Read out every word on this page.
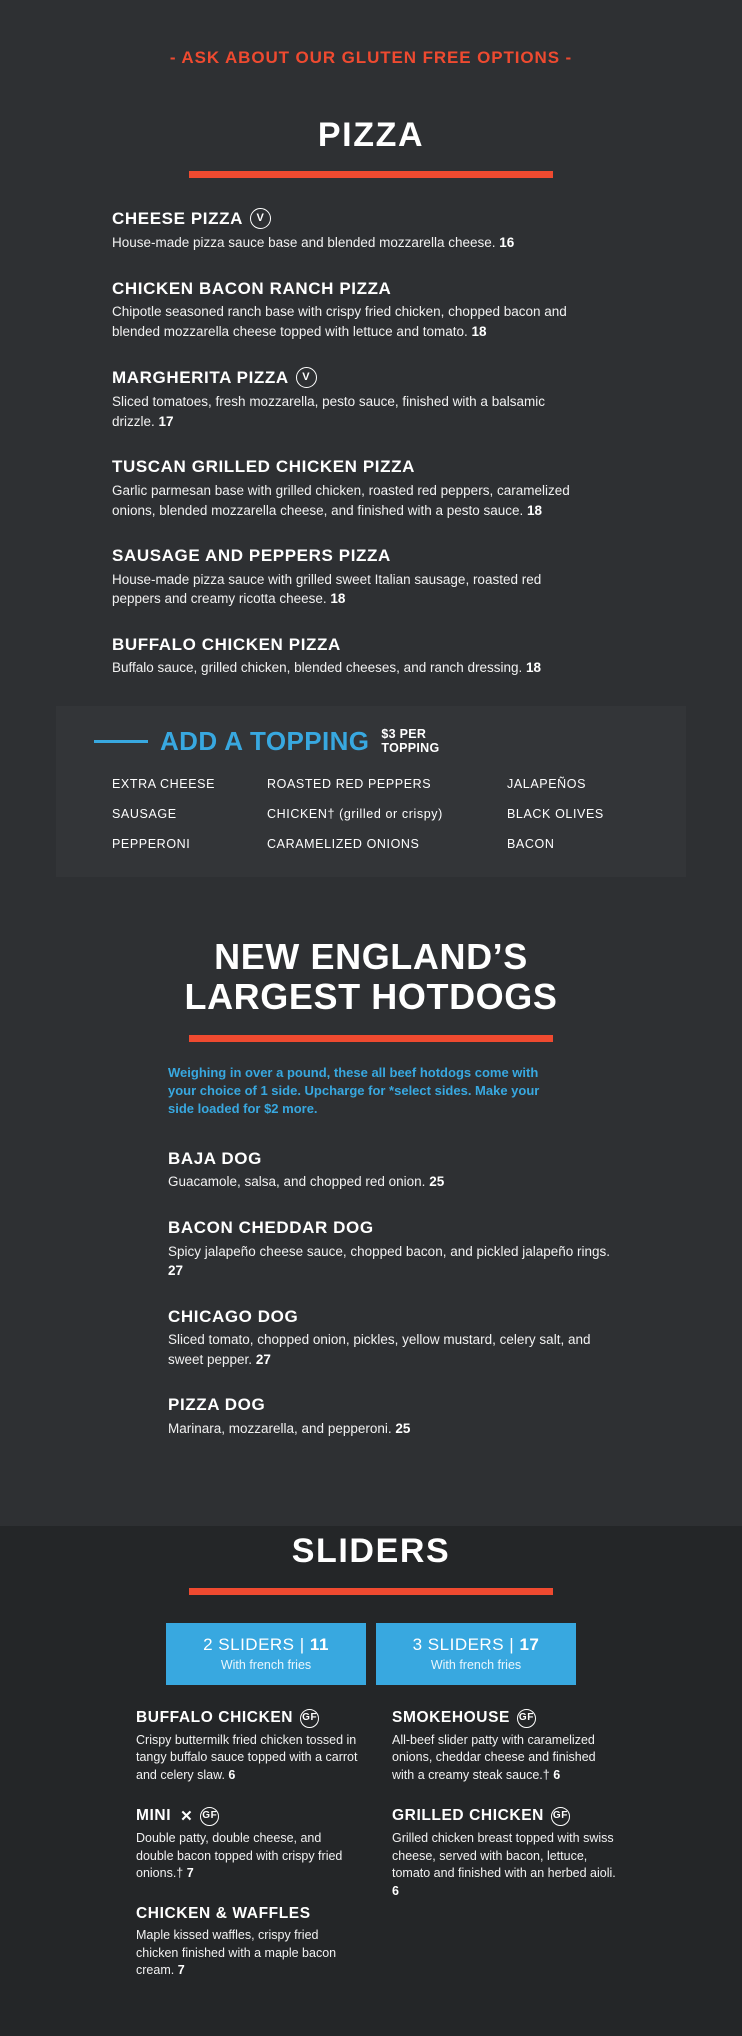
- ASK ABOUT OUR GLUTEN FREE OPTIONS -
PIZZA
CHEESE PIZZA	V
House-made pizza sauce base and blended mozzarella cheese. 16
CHICKEN BACON RANCH PIZZA
Chipotle seasoned ranch base with crispy fried chicken, chopped bacon and blended mozzarella cheese topped with lettuce and tomato. 18
MARGHERITA PIZZA	V
Sliced tomatoes, fresh mozzarella, pesto sauce, finished with a balsamic drizzle. 17
TUSCAN GRILLED CHICKEN PIZZA
Garlic parmesan base with grilled chicken, roasted red peppers, caramelized onions, blended mozzarella cheese, and finished with a pesto sauce. 18
SAUSAGE AND PEPPERS PIZZA
House-made pizza sauce with grilled sweet Italian sausage, roasted red peppers and creamy ricotta cheese. 18
BUFFALO CHICKEN PIZZA
Buffalo sauce, grilled chicken, blended cheeses, and ranch dressing. 18
ADD A TOPPING $3 PER TOPPING
EXTRA CHEESE	ROASTED RED PEPPERS	JALAPEÑOS
SAUSAGE	CHICKEN† (grilled or crispy)	BLACK OLIVES
PEPPERONI	CARAMELIZED ONIONS	BACON
NEW ENGLAND’S
LARGEST HOTDOGS
Weighing in over a pound, these all beef hotdogs come with your choice of 1 side. Upcharge for *select sides. Make your side loaded for $2 more.
BAJA DOG
Guacamole, salsa, and chopped red onion. 25
BACON CHEDDAR DOG
Spicy jalapeño cheese sauce, chopped bacon, and pickled jalapeño rings. 27
CHICAGO DOG
Sliced tomato, chopped onion, pickles, yellow mustard, celery salt, and sweet pepper. 27
PIZZA DOG
Marinara, mozzarella, and pepperoni. 25
SLIDERS
2 SLIDERS | 11
With french fries
3 SLIDERS | 17
With french fries
BUFFALO CHICKEN GF
Crispy buttermilk fried chicken tossed in tangy buffalo sauce topped with a carrot and celery slaw. 6
MINI ✕ GF
Double patty, double cheese, and double bacon topped with crispy fried onions.† 7
CHICKEN & WAFFLES
Maple kissed waffles, crispy fried chicken finished with a maple bacon cream. 7
SMOKEHOUSE GF
All-beef slider patty with caramelized onions, cheddar cheese and finished with a creamy steak sauce.† 6
GRILLED CHICKEN GF
Grilled chicken breast topped with swiss cheese, served with bacon, lettuce, tomato and finished with an herbed aioli. 6
